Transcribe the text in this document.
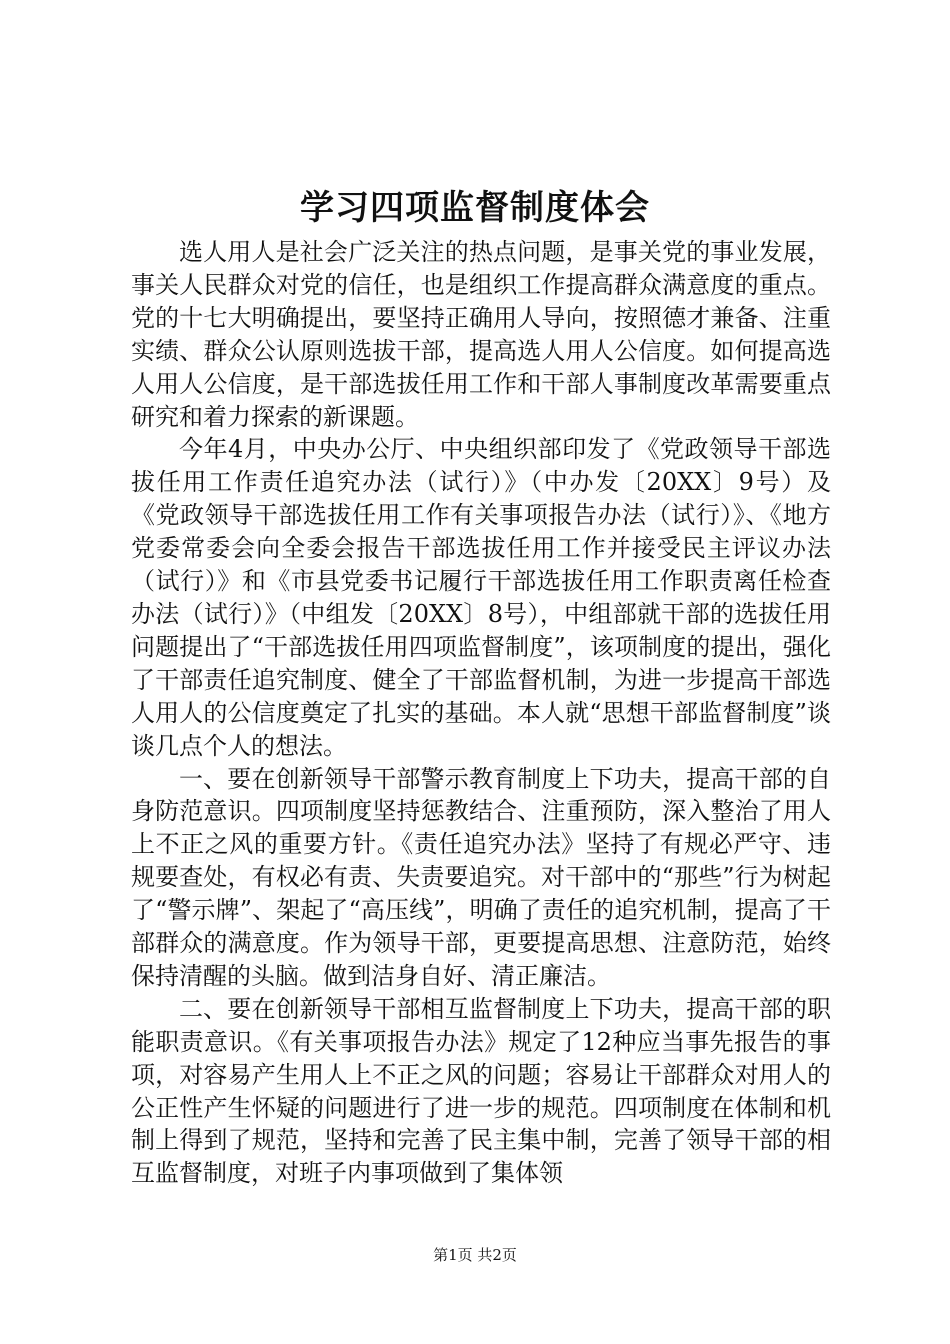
学习四项监督制度体会

选人用人是社会广泛关注的热点问题，是事关党的事业发展，事关人民群众对党的信任，也是组织工作提高群众满意度的重点。党的十七大明确提出，要坚持正确用人导向，按照德才兼备、注重实绩、群众公认原则选拔干部，提高选人用人公信度。如何提高选人用人公信度，是干部选拔任用工作和干部人事制度改革需要重点研究和着力探索的新课题。

今年4月，中央办公厅、中央组织部印发了《党政领导干部选拔任用工作责任追究办法（试行）》（中办发〔20XX〕9号）及《党政领导干部选拔任用工作有关事项报告办法（试行）》、《地方党委常委会向全委会报告干部选拔任用工作并接受民主评议办法（试行）》和《市县党委书记履行干部选拔任用工作职责离任检查办法（试行）》（中组发〔20XX〕8号），中组部就干部的选拔任用问题提出了“干部选拔任用四项监督制度”，该项制度的提出，强化了干部责任追究制度、健全了干部监督机制，为进一步提高干部选人用人的公信度奠定了扎实的基础。本人就“思想干部监督制度”谈谈几点个人的想法。

一、要在创新领导干部警示教育制度上下功夫，提高干部的自身防范意识。四项制度坚持惩教结合、注重预防，深入整治了用人上不正之风的重要方针。《责任追究办法》坚持了有规必严守、违规要查处，有权必有责、失责要追究。对干部中的“那些”行为树起了“警示牌”、架起了“高压线”，明确了责任的追究机制，提高了干部群众的满意度。作为领导干部，更要提高思想、注意防范，始终保持清醒的头脑。做到洁身自好、清正廉洁。

二、要在创新领导干部相互监督制度上下功夫，提高干部的职能职责意识。《有关事项报告办法》规定了12种应当事先报告的事项，对容易产生用人上不正之风的问题；容易让干部群众对用人的公正性产生怀疑的问题进行了进一步的规范。四项制度在体制和机制上得到了规范，坚持和完善了民主集中制，完善了领导干部的相互监督制度，对班子内事项做到了集体领

第1页 共2页
